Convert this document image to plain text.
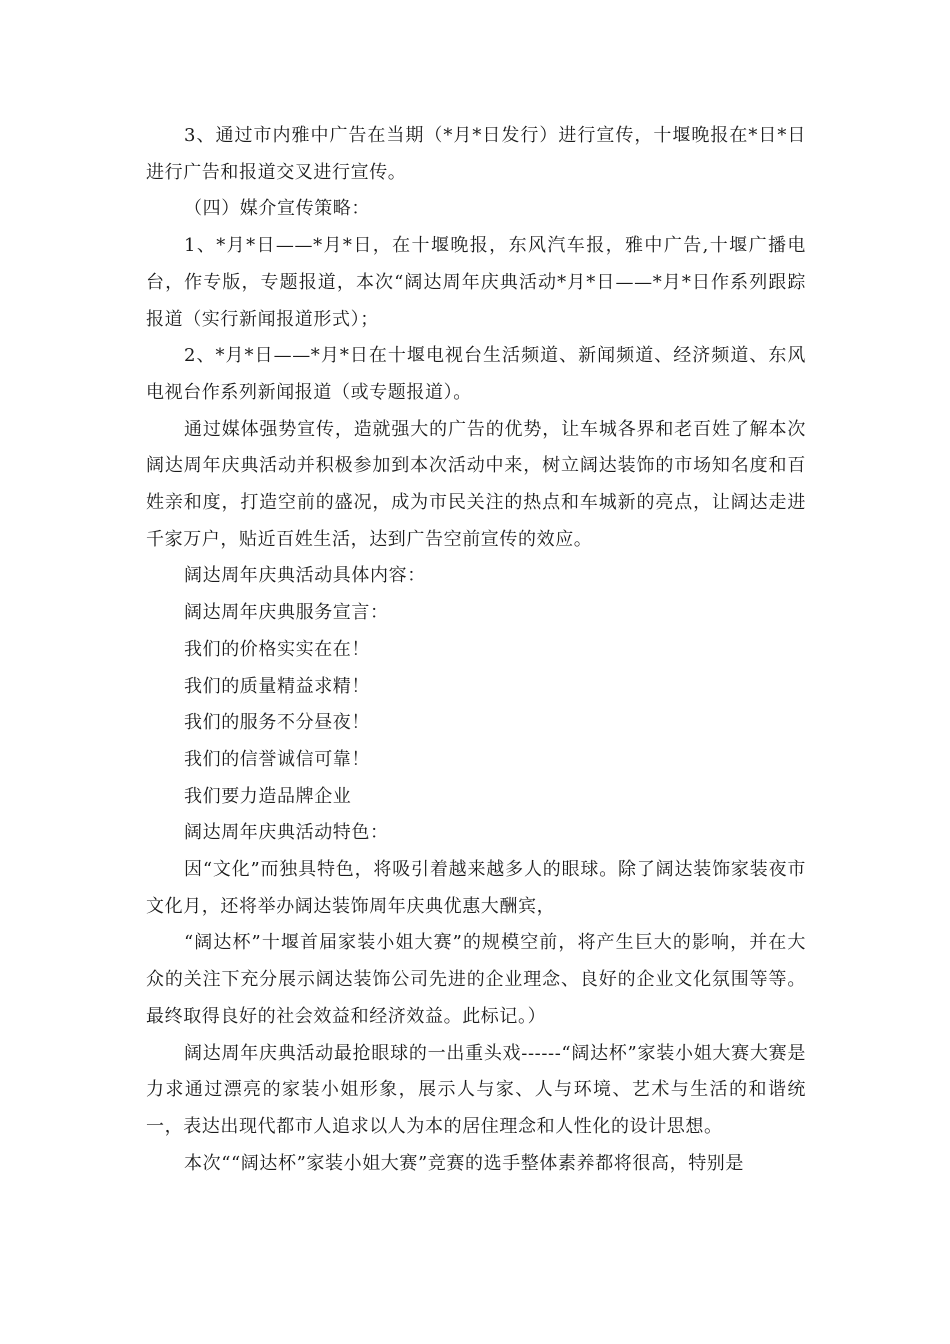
3、通过市内雅中广告在当期（*月*日发行）进行宣传，十堰晚报在*日*日进行广告和报道交叉进行宣传。

（四）媒介宣传策略：

1、*月*日——*月*日，在十堰晚报，东风汽车报，雅中广告,十堰广播电台，作专版，专题报道，本次“阔达周年庆典活动*月*日——*月*日作系列跟踪报道（实行新闻报道形式）；

2、*月*日——*月*日在十堰电视台生活频道、新闻频道、经济频道、东风电视台作系列新闻报道（或专题报道）。

通过媒体强势宣传，造就强大的广告的优势，让车城各界和老百姓了解本次阔达周年庆典活动并积极参加到本次活动中来，树立阔达装饰的市场知名度和百姓亲和度，打造空前的盛况，成为市民关注的热点和车城新的亮点，让阔达走进千家万户，贴近百姓生活，达到广告空前宣传的效应。

阔达周年庆典活动具体内容：

阔达周年庆典服务宣言：

我们的价格实实在在！

我们的质量精益求精！

我们的服务不分昼夜！

我们的信誉诚信可靠！

我们要力造品牌企业

阔达周年庆典活动特色：

因“文化”而独具特色，将吸引着越来越多人的眼球。除了阔达装饰家装夜市文化月，还将举办阔达装饰周年庆典优惠大酬宾，

“阔达杯”十堰首届家装小姐大赛”的规模空前，将产生巨大的影响，并在大众的关注下充分展示阔达装饰公司先进的企业理念、良好的企业文化氛围等等。最终取得良好的社会效益和经济效益。此标记。）

阔达周年庆典活动最抢眼球的一出重头戏------“阔达杯”家装小姐大赛大赛是力求通过漂亮的家装小姐形象，展示人与家、人与环境、艺术与生活的和谐统一，表达出现代都市人追求以人为本的居住理念和人性化的设计思想。

本次““阔达杯”家装小姐大赛”竞赛的选手整体素养都将很高，特别是
